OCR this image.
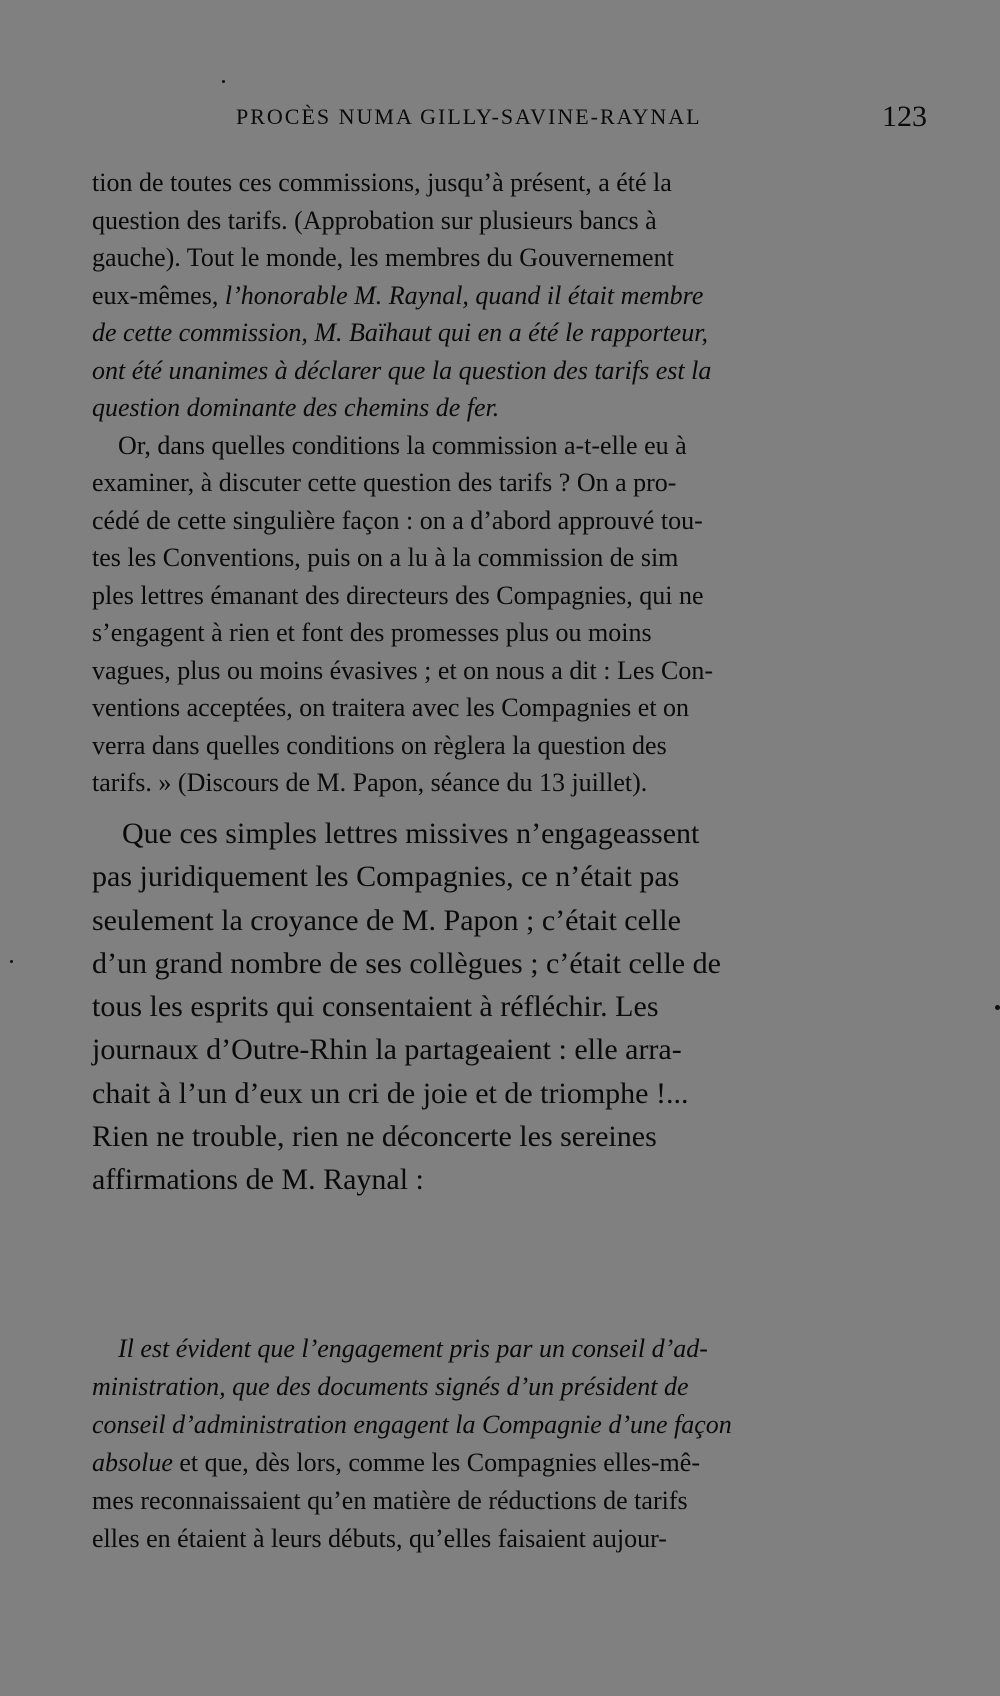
PROCÈS NUMA GILLY-SAVINE-RAYNAL	123
tion de toutes ces commissions, jusqu’à présent, a été la
question des tarifs. (Approbation sur plusieurs bancs à
gauche). Tout le monde, les membres du Gouvernement
eux-mêmes, l’honorable M. Raynal, quand il était membre
de cette commission, M. Baïhaut qui en a été le rapporteur,
ont été unanimes à déclarer que la question des tarifs est la
question dominante des chemins de fer.
Or, dans quelles conditions la commission a-t-elle eu à
examiner, à discuter cette question des tarifs ? On a pro-
cédé de cette singulière façon : on a d’abord approuvé tou-
tes les Conventions, puis on a lu à la commission de sim
ples lettres émanant des directeurs des Compagnies, qui ne
s’engagent à rien et font des promesses plus ou moins
vagues, plus ou moins évasives ; et on nous a dit : Les Con-
ventions acceptées, on traitera avec les Compagnies et on
verra dans quelles conditions on règlera la question des
tarifs. » (Discours de M. Papon, séance du 13 juillet).
Que ces simples lettres missives n’engageassent
pas juridiquement les Compagnies, ce n’était pas
seulement la croyance de M. Papon ; c’était celle
d’un grand nombre de ses collègues ; c’était celle de
tous les esprits qui consentaient à réfléchir. Les
journaux d’Outre-Rhin la partageaient : elle arra-
chait à l’un d’eux un cri de joie et de triomphe !...
Rien ne trouble, rien ne déconcerte les sereines
affirmations de M. Raynal :
Il est évident que l’engagement pris par un conseil d’ad-
ministration, que des documents signés d’un président de
conseil d’administration engagent la Compagnie d’une façon
absolue et que, dès lors, comme les Compagnies elles-mê-
mes reconnaissaient qu’en matière de réductions de tarifs
elles en étaient à leurs débuts, qu’elles faisaient aujour-
